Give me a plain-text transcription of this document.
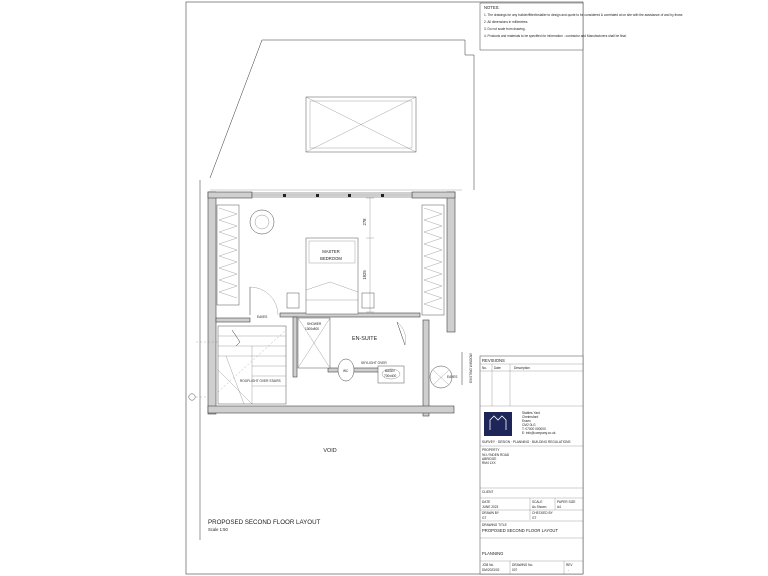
NOTES:
1. The drawings for any builder/fitter/installer to design and quote to be considered & correlated at on site with the assistance of and by those.
2. All dimensions in millimetres.
3. Do not scale from drawing.
4. Products and materials to be specified for information - contractor and Manufacturers shall be final.
MASTER
BEDROOM
278
1925
EAVES
SHOWER
1300x800
EN-SUITE
WC
SKYLIGHT OVER
BASIN
700x400	EAVES	EXISTING WINDOW
ROOFLIGHT OVER STAIRS
VOID
PROPOSED SECOND FLOOR LAYOUT
Scale 1:50
REVISIONS
No. Date	Description
Stables Yard
Chelmsford
Essex
CM2 0LG
T: 07000 000000
E: info@company.co.uk
SURVEY · DESIGN · PLANNING · BUILDING REGULATIONS
PROPERTY
94 LYNDEN ROAD
ABRIDGE
RM4 1XX
CLIENT
DATE
JUNE 2023
SCALE
As Shown
PAPER SIZE
A4
DRAWN BY
GT
CHECKED BY
GT
DRAWING TITLE
PROPOSED SECOND FLOOR LAYOUT
PLANNING
JOB No.
DM/2023/02
DRAWING No.
007
REV
-
